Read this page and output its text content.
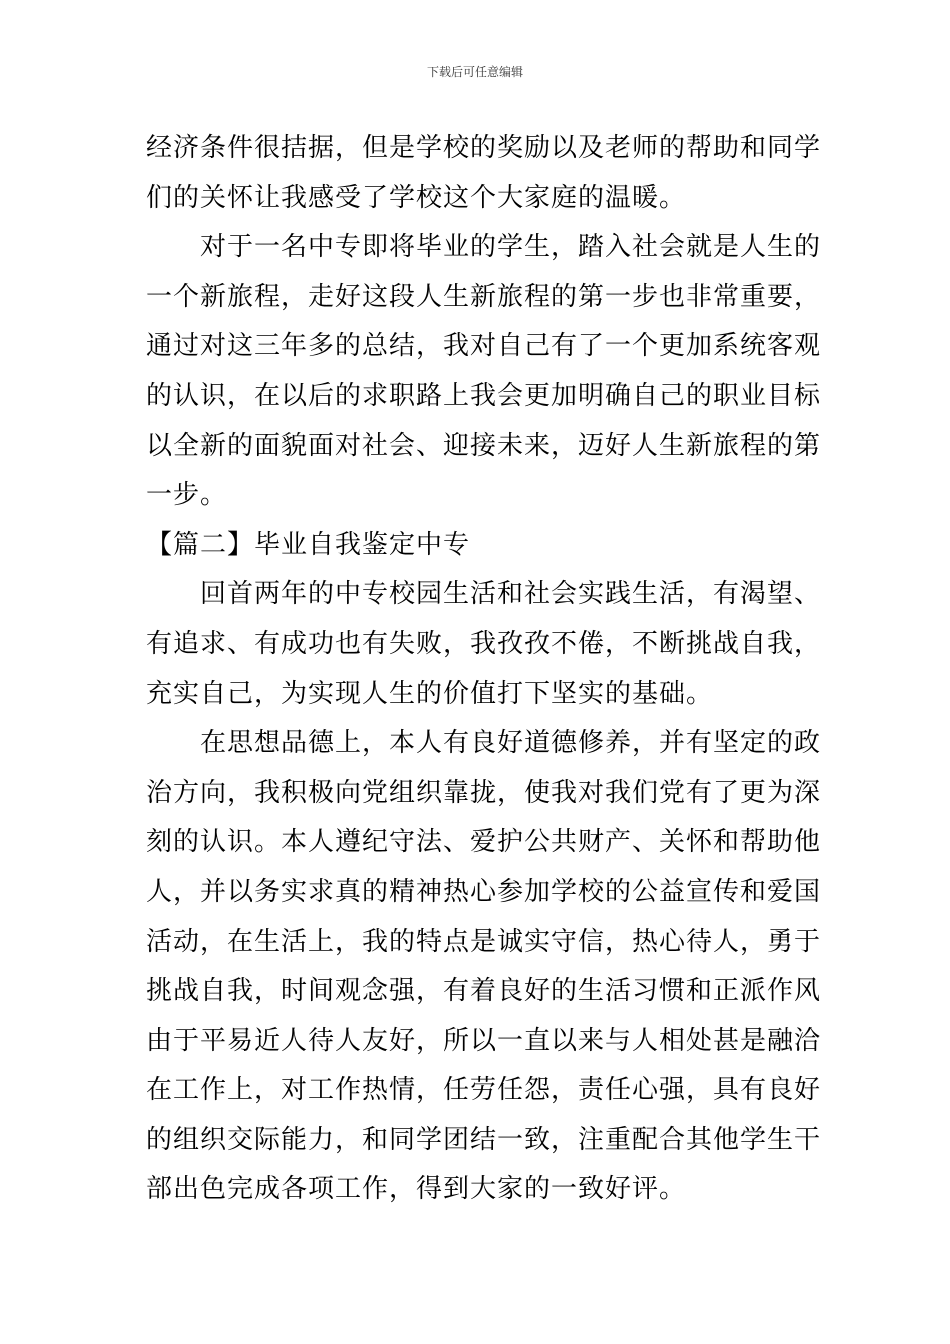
下载后可任意编辑
经济条件很拮据，但是学校的奖励以及老师的帮助和同学
们的关怀让我感受了学校这个大家庭的温暖。
对于一名中专即将毕业的学生，踏入社会就是人生的
一个新旅程，走好这段人生新旅程的第一步也非常重要，
通过对这三年多的总结，我对自己有了一个更加系统客观
的认识，在以后的求职路上我会更加明确自己的职业目标
以全新的面貌面对社会、迎接未来，迈好人生新旅程的第
一步。
【篇二】毕业自我鉴定中专
回首两年的中专校园生活和社会实践生活，有渴望、
有追求、有成功也有失败，我孜孜不倦，不断挑战自我，
充实自己，为实现人生的价值打下坚实的基础。
在思想品德上，本人有良好道德修养，并有坚定的政
治方向，我积极向党组织靠拢，使我对我们党有了更为深
刻的认识。本人遵纪守法、爱护公共财产、关怀和帮助他
人，并以务实求真的精神热心参加学校的公益宣传和爱国
活动，在生活上，我的特点是诚实守信，热心待人，勇于
挑战自我，时间观念强，有着良好的生活习惯和正派作风
由于平易近人待人友好，所以一直以来与人相处甚是融洽
在工作上，对工作热情，任劳任怨，责任心强，具有良好
的组织交际能力，和同学团结一致，注重配合其他学生干
部出色完成各项工作，得到大家的一致好评。
